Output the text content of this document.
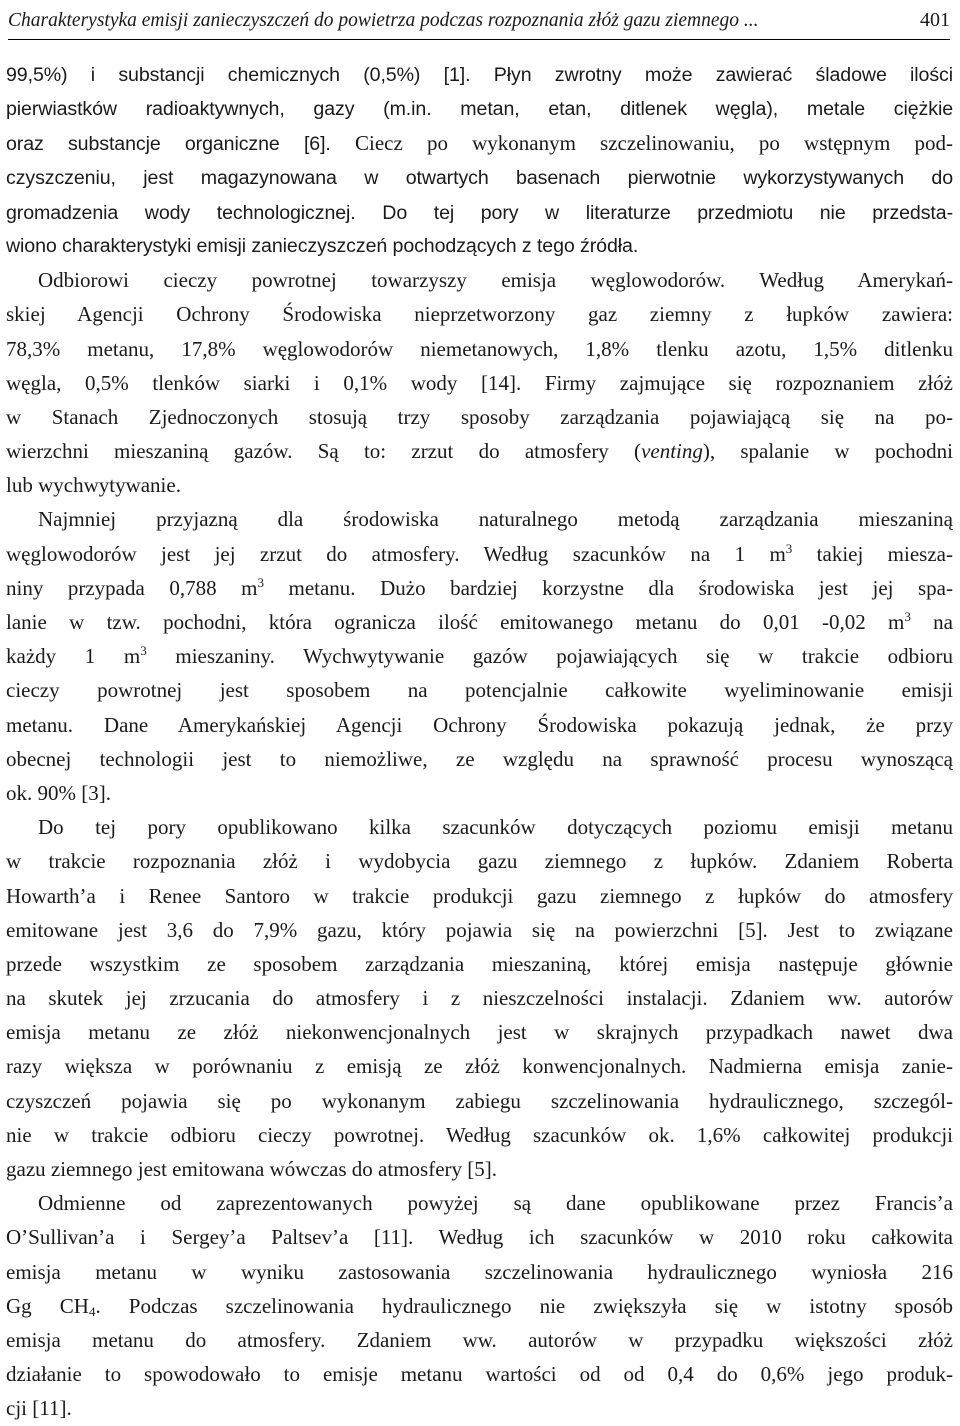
Charakterystyka emisji zanieczyszczeń do powietrza podczas rozpoznania złóż gazu ziemnego ...	401
99,5%) i substancji chemicznych (0,5%) [1]. Płyn zwrotny może zawierać śladowe ilości
pierwiastków radioaktywnych, gazy (m.in. metan, etan, ditlenek węgla), metale ciężkie
oraz substancje organiczne [6]. Ciecz po wykonanym szczelinowaniu, po wstępnym pod-
czyszczeniu, jest magazynowana w otwartych basenach pierwotnie wykorzystywanych do
gromadzenia wody technologicznej. Do tej pory w literaturze przedmiotu nie przedsta-
wiono charakterystyki emisji zanieczyszczeń pochodzących z tego źródła.
Odbiorowi cieczy powrotnej towarzyszy emisja węglowodorów. Według Amerykań-
skiej Agencji Ochrony Środowiska nieprzetworzony gaz ziemny z łupków zawiera:
78,3% metanu, 17,8% węglowodorów niemetanowych, 1,8% tlenku azotu, 1,5% ditlenku
węgla, 0,5% tlenków siarki i 0,1% wody [14]. Firmy zajmujące się rozpoznaniem złóż
w Stanach Zjednoczonych stosują trzy sposoby zarządzania pojawiającą się na po-
wierzchni mieszaniną gazów. Są to: zrzut do atmosfery (venting), spalanie w pochodni
lub wychwytywanie.
Najmniej przyjazną dla środowiska naturalnego metodą zarządzania mieszaniną
węglowodorów jest jej zrzut do atmosfery. Według szacunków na 1 $m^3$ takiej miesza-
niny przypada 0,788 $m^3$ metanu. Dużo bardziej korzystne dla środowiska jest jej spa-
lanie w tzw. pochodni, która ogranicza ilość emitowanego metanu do 0,01 -0,02 $m^3$ na
każdy 1 $m^3$ mieszaniny. Wychwytywanie gazów pojawiających się w trakcie odbioru
cieczy powrotnej jest sposobem na potencjalnie całkowite wyeliminowanie emisji
metanu. Dane Amerykańskiej Agencji Ochrony Środowiska pokazują jednak, że przy
obecnej technologii jest to niemożliwe, ze względu na sprawność procesu wynoszącą
ok. 90% [3].
Do tej pory opublikowano kilka szacunków dotyczących poziomu emisji metanu
w trakcie rozpoznania złóż i wydobycia gazu ziemnego z łupków. Zdaniem Roberta
Howarth’a i Renee Santoro w trakcie produkcji gazu ziemnego z łupków do atmosfery
emitowane jest 3,6 do 7,9% gazu, który pojawia się na powierzchni [5]. Jest to związane
przede wszystkim ze sposobem zarządzania mieszaniną, której emisja następuje głównie
na skutek jej zrzucania do atmosfery i z nieszczelności instalacji. Zdaniem ww. autorów
emisja metanu ze złóż niekonwencjonalnych jest w skrajnych przypadkach nawet dwa
razy większa w porównaniu z emisją ze złóż konwencjonalnych. Nadmierna emisja zanie-
czyszczeń pojawia się po wykonanym zabiegu szczelinowania hydraulicznego, szczegól-
nie w trakcie odbioru cieczy powrotnej. Według szacunków ok. 1,6% całkowitej produkcji
gazu ziemnego jest emitowana wówczas do atmosfery [5].
Odmienne od zaprezentowanych powyżej są dane opublikowane przez Francis’a
O’Sullivan’a i Sergey’a Paltsev’a [11]. Według ich szacunków w 2010 roku całkowita
emisja metanu w wyniku zastosowania szczelinowania hydraulicznego wyniosła 216
Gg $CH_4$. Podczas szczelinowania hydraulicznego nie zwiększyła się w istotny sposób
emisja metanu do atmosfery. Zdaniem ww. autorów w przypadku większości złóż
działanie to spowodowało to emisje metanu wartości od od 0,4 do 0,6% jego produk-
cji [11].
